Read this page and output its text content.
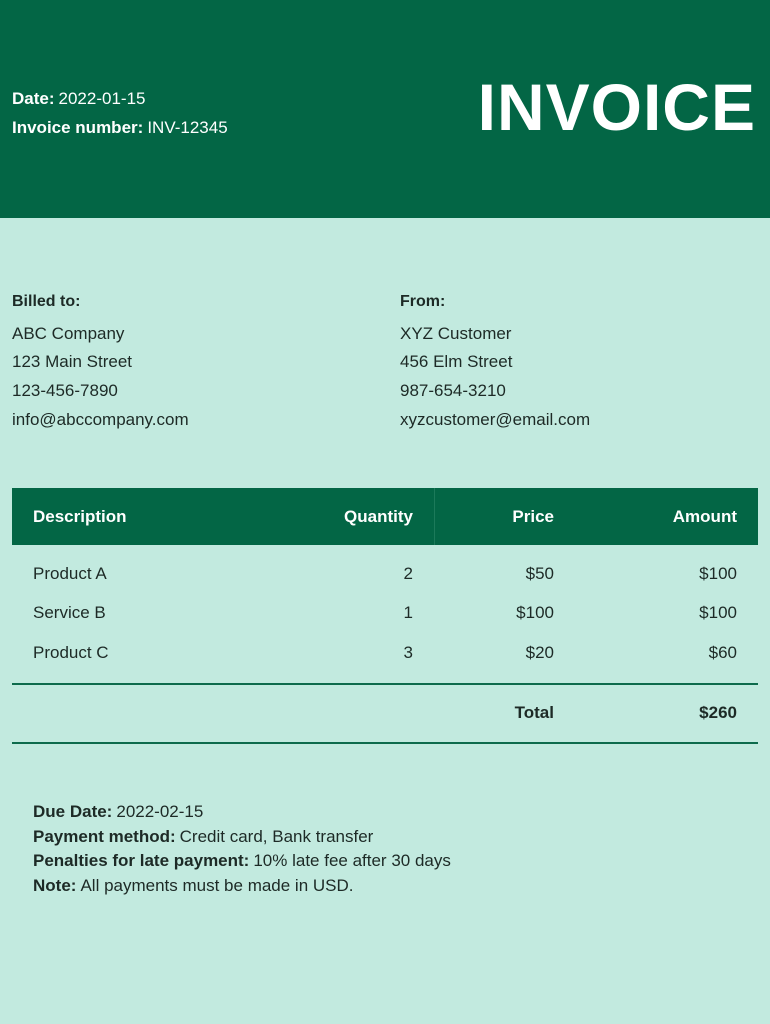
Date: 2022-01-15
Invoice number: INV-12345	INVOICE
Billed to:
ABC Company
123 Main Street
123-456-7890
info@abccompany.com
From:
XYZ Customer
456 Elm Street
987-654-3210
xyzcustomer@email.com
Description	Quantity	Price	Amount
Product A	2	$50	$100
Service B	1	$100	$100
Product C	3	$20	$60
Total	$260
Due Date: 2022-02-15
Payment method: Credit card, Bank transfer
Penalties for late payment: 10% late fee after 30 days
Note: All payments must be made in USD.
